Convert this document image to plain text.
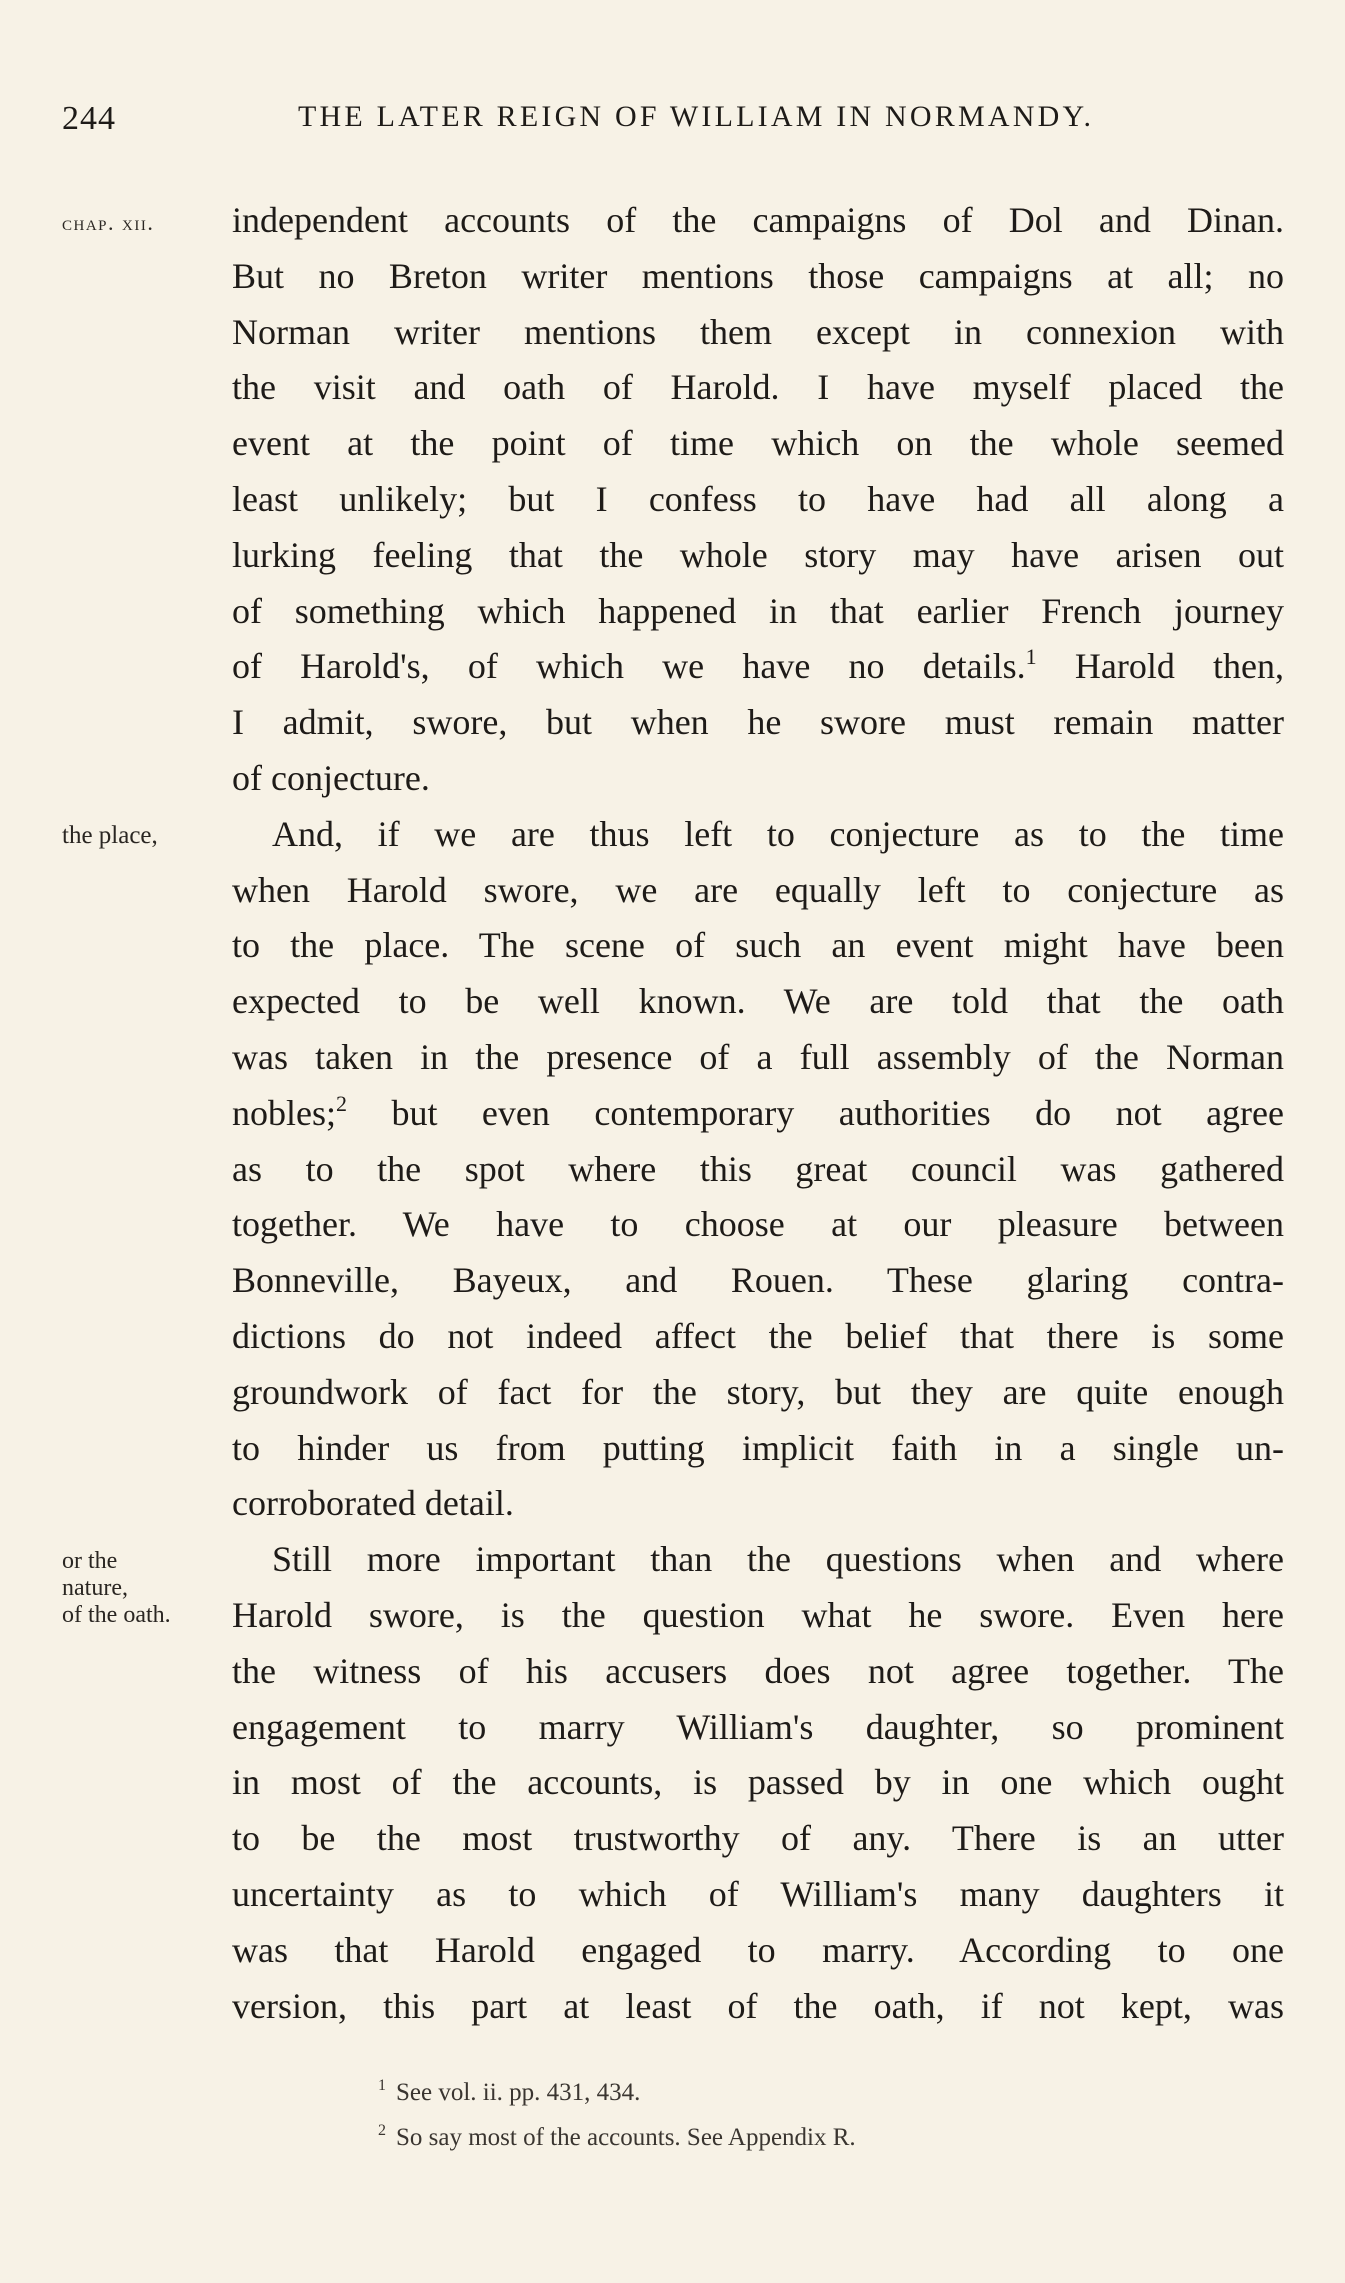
244	THE LATER REIGN OF WILLIAM IN NORMANDY.
chap. xii.
the place,
or the
nature,
of the oath.

independent accounts of the campaigns of Dol and Dinan.

But no Breton writer mentions those campaigns at all; no

Norman writer mentions them except in connexion with

the visit and oath of Harold. I have myself placed the

event at the point of time which on the whole seemed

least unlikely; but I confess to have had all along a

lurking feeling that the whole story may have arisen out

of something which happened in that earlier French journey

of Harold's, of which we have no details.$^1$ Harold then,

I admit, swore, but when he swore must remain matter

of conjecture.

And, if we are thus left to conjecture as to the time

when Harold swore, we are equally left to conjecture as

to the place. The scene of such an event might have been

expected to be well known. We are told that the oath

was taken in the presence of a full assembly of the Norman

nobles;$^2$ but even contemporary authorities do not agree

as to the spot where this great council was gathered

together. We have to choose at our pleasure between

Bonneville, Bayeux, and Rouen. These glaring contra-

dictions do not indeed affect the belief that there is some

groundwork of fact for the story, but they are quite enough

to hinder us from putting implicit faith in a single un-

corroborated detail.

Still more important than the questions when and where

Harold swore, is the question what he swore. Even here

the witness of his accusers does not agree together. The

engagement to marry William's daughter, so prominent

in most of the accounts, is passed by in one which ought

to be the most trustworthy of any. There is an utter

uncertainty as to which of William's many daughters it

was that Harold engaged to marry. According to one

version, this part at least of the oath, if not kept, was

$^1$ See vol. ii. pp. 431, 434.
$^2$ So say most of the accounts. See Appendix R.
